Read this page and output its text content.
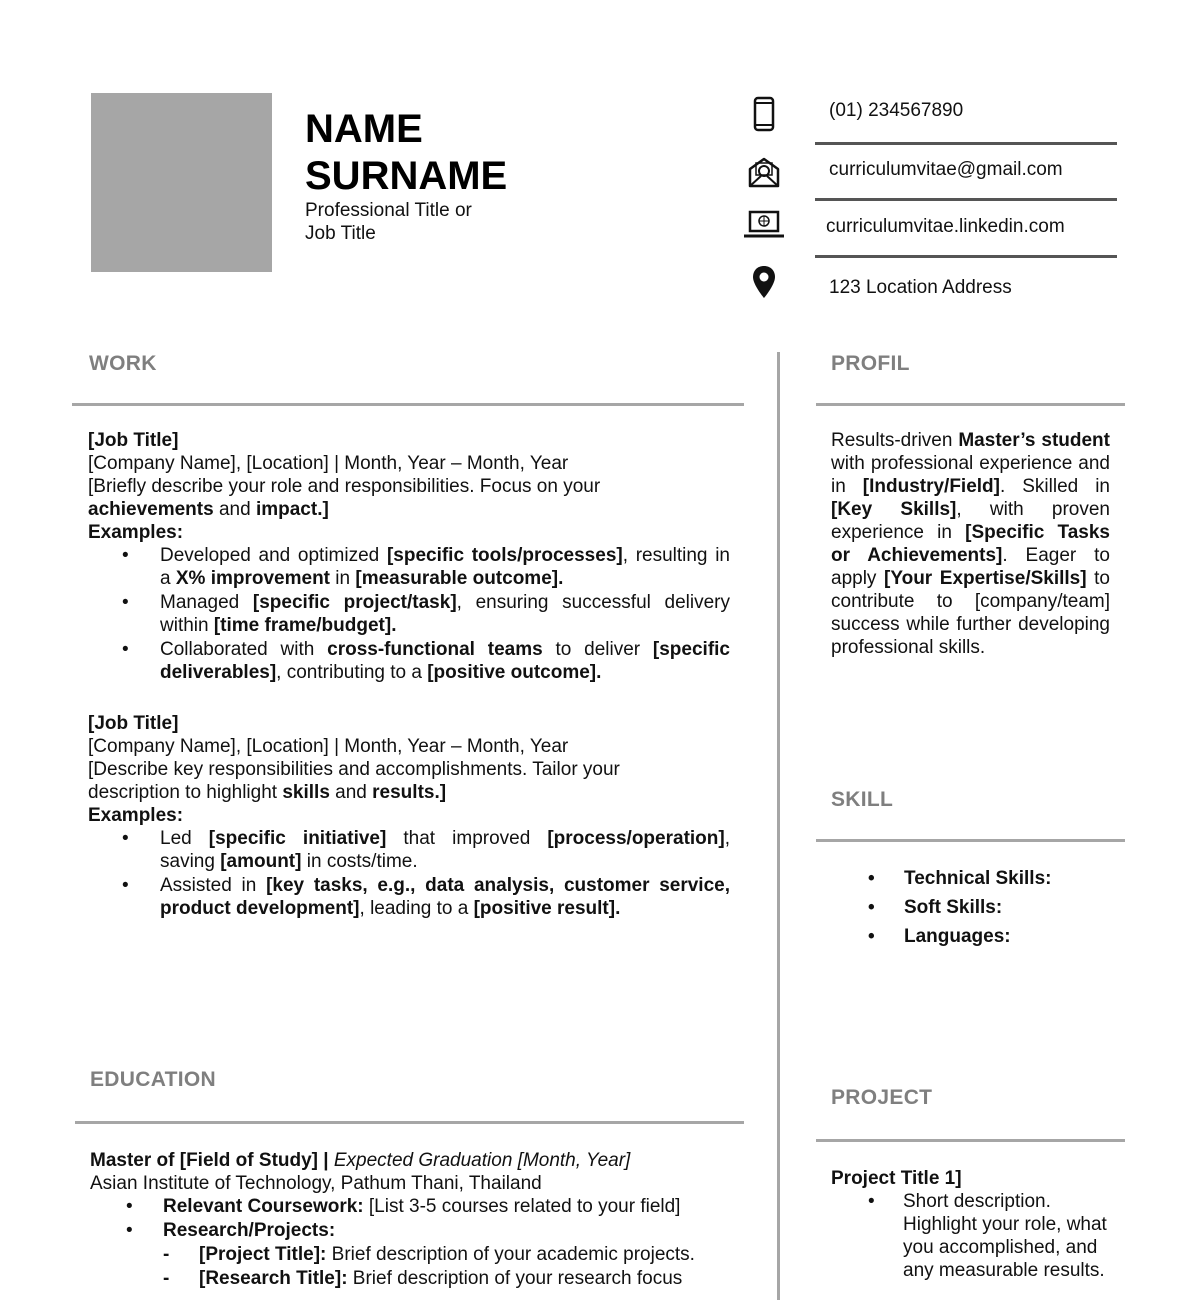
NAME
SURNAME
Professional Title or
Job Title
(01) 234567890
curriculumvitae@gmail.com
curriculumvitae.linkedin.com
123 Location Address
WORK

[Job Title]

[Company Name], [Location] | Month, Year – Month, Year

[Briefly describe your role and responsibilities. Focus on your
achievements and impact.]

Examples:

• Developed and optimized [specific tools/processes], resulting in a X% improvement in [measurable outcome].
• Managed [specific project/task], ensuring successful delivery within [time frame/budget].
• Collaborated with cross-functional teams to deliver [specific deliverables], contributing to a [positive outcome].

[Job Title]

[Company Name], [Location] | Month, Year – Month, Year

[Describe key responsibilities and accomplishments. Tailor your
description to highlight skills and results.]

Examples:

• Led [specific initiative] that improved [process/operation], saving [amount] in costs/time.
• Assisted in [key tasks, e.g., data analysis, customer service, product development], leading to a [positive result].
PROFIL
Results-driven Master’s student with professional experience and in [Industry/Field]. Skilled in [Key Skills], with proven experience in [Specific Tasks or Achievements]. Eager to apply [Your Expertise/Skills] to contribute to [company/team] success while further developing professional skills.
SKILL
• Technical Skills:
• Soft Skills:
• Languages:
EDUCATION

Master of [Field of Study] | Expected Graduation [Month, Year]

Asian Institute of Technology, Pathum Thani, Thailand

• Relevant Coursework: [List 3-5 courses related to your field]
• Research/Projects:
- [Project Title]: Brief description of your academic projects.
- [Research Title]: Brief description of your research focus
PROJECT

Project Title 1]

• Short description. Highlight your role, what you accomplished, and any measurable results.
